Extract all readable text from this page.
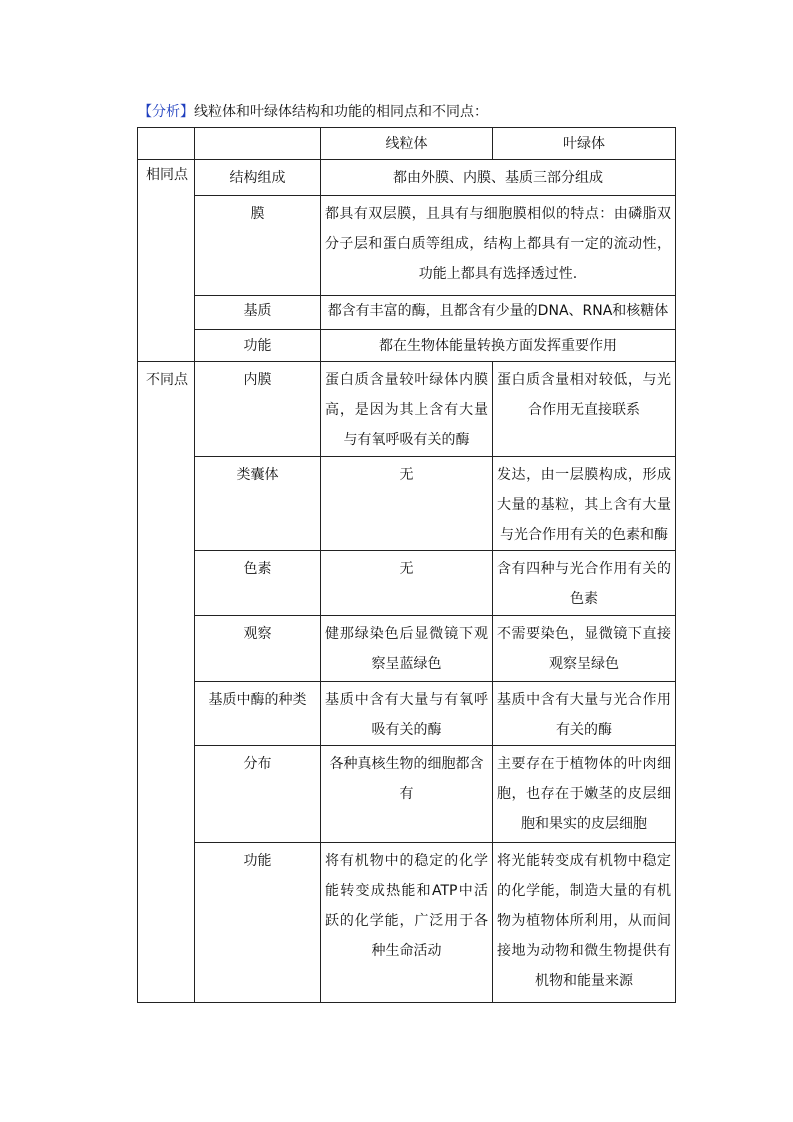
【分析】线粒体和叶绿体结构和功能的相同点和不同点：
		线粒体	叶绿体
相同点	结构组成	都由外膜、内膜、基质三部分组成	
	膜	都具有双层膜，且具有与细胞膜相似的特点：由磷脂双分子层和蛋白质等组成，结构上都具有一定的流动性，功能上都具有选择透过性.	
	基质	都含有丰富的酶，且都含有少量的DNA、RNA和核糖体	
	功能	都在生物体能量转换方面发挥重要作用	
不同点	内膜	蛋白质含量较叶绿体内膜高，是因为其上含有大量与有氧呼吸有关的酶	蛋白质含量相对较低，与光合作用无直接联系
	类囊体	无	发达，由一层膜构成，形成大量的基粒，其上含有大量与光合作用有关的色素和酶
	色素	无	含有四种与光合作用有关的色素
	观察	健那绿染色后显微镜下观察呈蓝绿色	不需要染色，显微镜下直接观察呈绿色
	基质中酶的种类	基质中含有大量与有氧呼吸有关的酶	基质中含有大量与光合作用有关的酶
	分布	各种真核生物的细胞都含有	主要存在于植物体的叶肉细胞，也存在于嫩茎的皮层细胞和果实的皮层细胞
	功能	将有机物中的稳定的化学能转变成热能和ATP中活跃的化学能，广泛用于各种生命活动	将光能转变成有机物中稳定的化学能，制造大量的有机物为植物体所利用，从而间接地为动物和微生物提供有机物和能量来源
